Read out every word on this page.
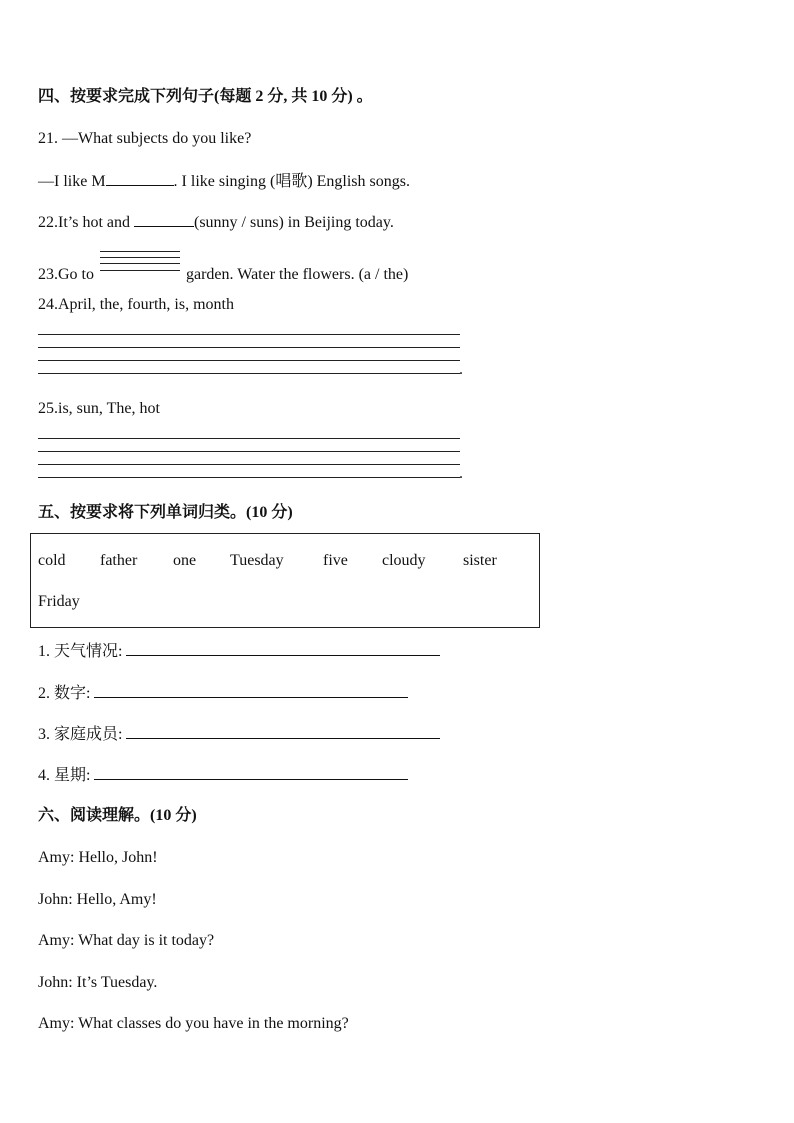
四、按要求完成下列句子(每题 2 分, 共 10 分) 。
21. —What subjects do you like?
—I like M	. I like singing (唱歌) English songs.
22.It’s hot and	(sunny / suns) in Beijing today.
23.Go to	garden. Water the flowers. (a / the)
24.April, the, fourth, is, month
.
25.is, sun, The, hot
.
五、按要求将下列单词归类。(10 分)
cold father one Tuesday five cloudy sister
Friday
1. 天气情况:
2. 数字:
3. 家庭成员:
4. 星期:
六、阅读理解。(10 分)
Amy: Hello, John!
John: Hello, Amy!
Amy: What day is it today?
John: It’s Tuesday.
Amy: What classes do you have in the morning?
